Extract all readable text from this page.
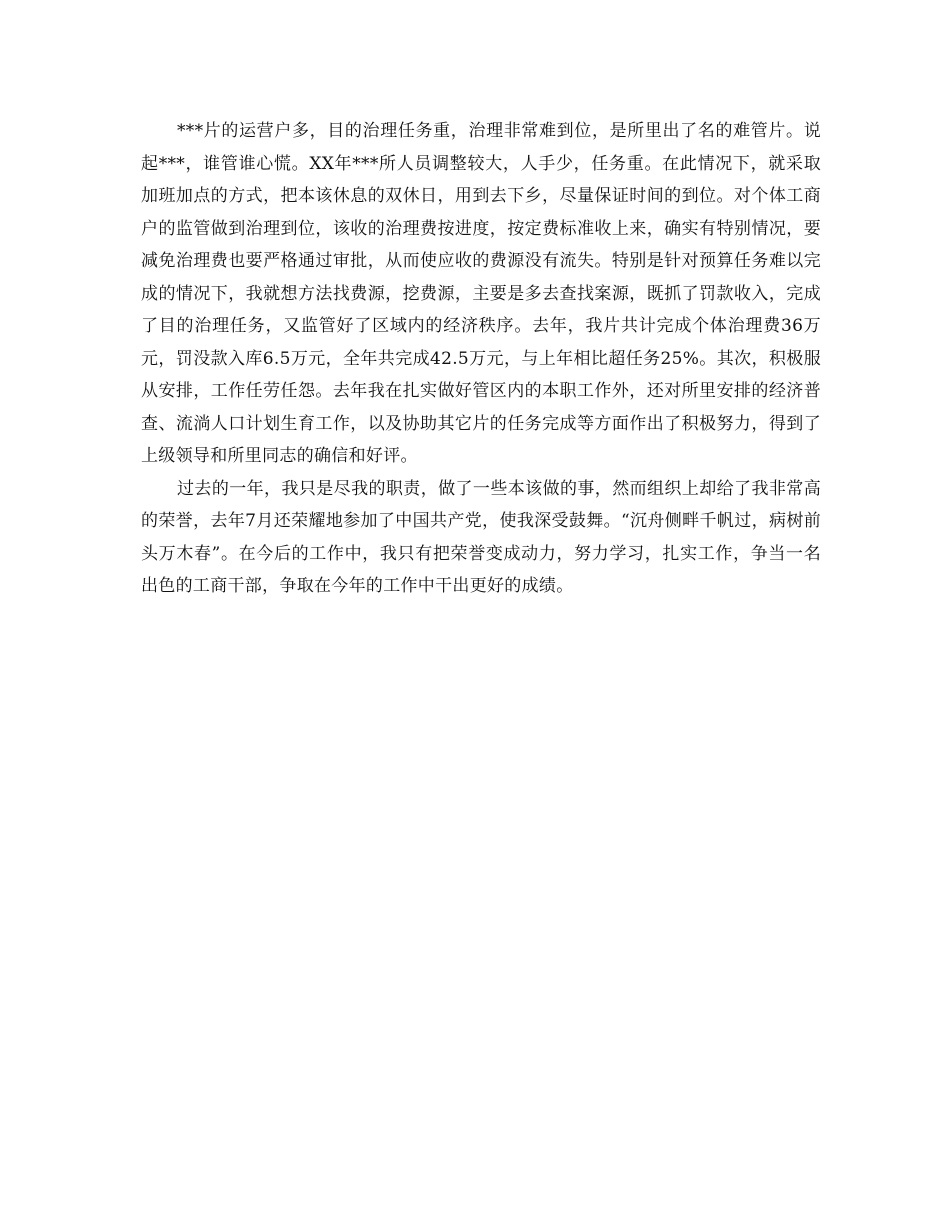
***片的运营户多，目的治理任务重，治理非常难到位，是所里出了名的难管片。说起***，谁管谁心慌。XX年***所人员调整较大，人手少，任务重。在此情况下，就采取加班加点的方式，把本该休息的双休日，用到去下乡，尽量保证时间的到位。对个体工商户的监管做到治理到位，该收的治理费按进度，按定费标准收上来，确实有特别情况，要减免治理费也要严格通过审批，从而使应收的费源没有流失。特别是针对预算任务难以完成的情况下，我就想方法找费源，挖费源，主要是多去查找案源，既抓了罚款收入，完成了目的治理任务，又监管好了区域内的经济秩序。去年，我片共计完成个体治理费36万元，罚没款入库6.5万元，全年共完成42.5万元，与上年相比超任务25%。其次，积极服从安排，工作任劳任怨。去年我在扎实做好管区内的本职工作外，还对所里安排的经济普查、流淌人口计划生育工作，以及协助其它片的任务完成等方面作出了积极努力，得到了上级领导和所里同志的确信和好评。

过去的一年，我只是尽我的职责，做了一些本该做的事，然而组织上却给了我非常高的荣誉，去年7月还荣耀地参加了中国共产党，使我深受鼓舞。“沉舟侧畔千帆过，病树前头万木春”。在今后的工作中，我只有把荣誉变成动力，努力学习，扎实工作，争当一名出色的工商干部，争取在今年的工作中干出更好的成绩。
